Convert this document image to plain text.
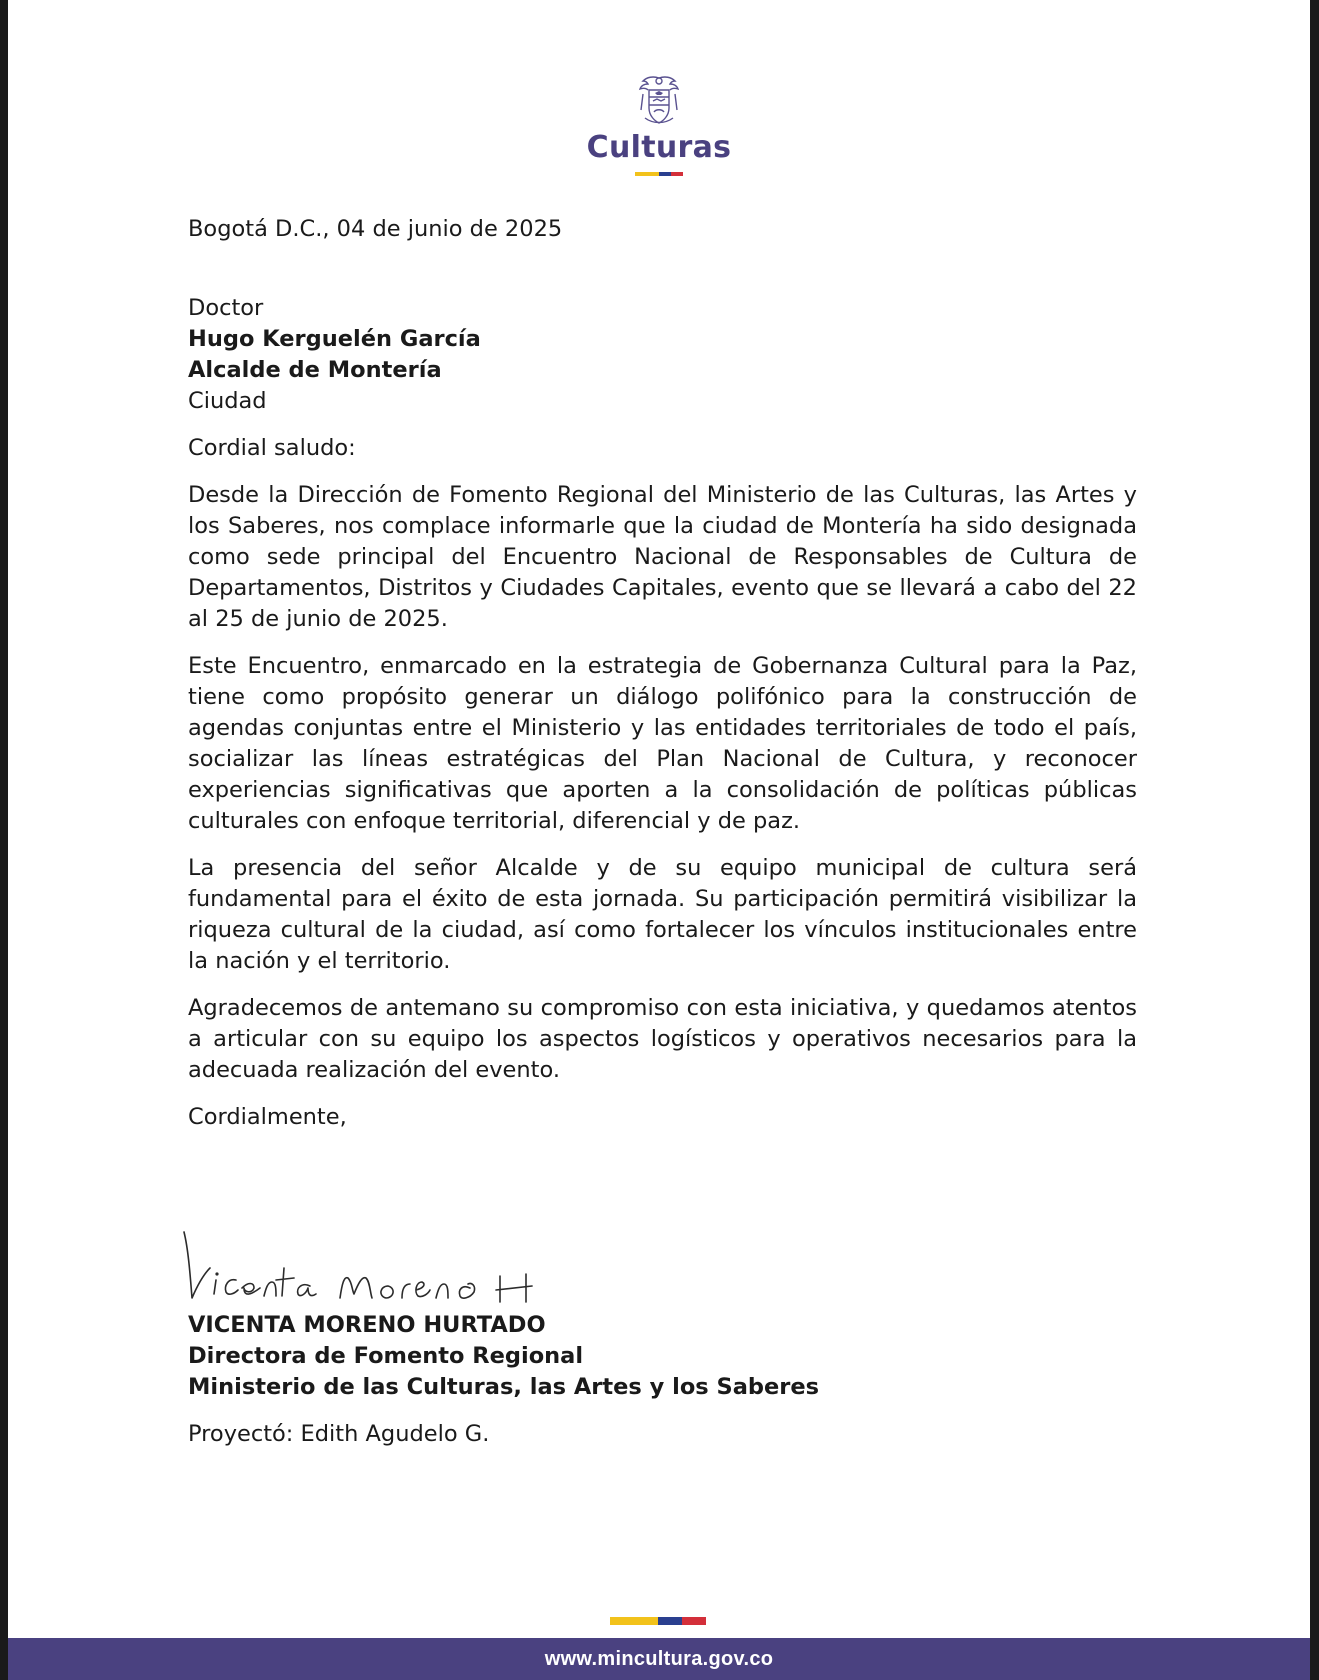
Culturas

Bogotá D.C., 04 de junio de 2025

Doctor

Hugo Kerguelén García

Alcalde de Montería

Ciudad

Cordial saludo:

Desde la Dirección de Fomento Regional del Ministerio de las Culturas, las Artes y los Saberes, nos complace informarle que la ciudad de Montería ha sido designada como sede principal del Encuentro Nacional de Responsables de Cultura de Departamentos, Distritos y Ciudades Capitales, evento que se llevará a cabo del 22 al 25 de junio de 2025.

Este Encuentro, enmarcado en la estrategia de Gobernanza Cultural para la Paz, tiene como propósito generar un diálogo polifónico para la construcción de agendas conjuntas entre el Ministerio y las entidades territoriales de todo el país, socializar las líneas estratégicas del Plan Nacional de Cultura, y reconocer experiencias significativas que aporten a la consolidación de políticas públicas culturales con enfoque territorial, diferencial y de paz.

La presencia del señor Alcalde y de su equipo municipal de cultura será fundamental para el éxito de esta jornada. Su participación permitirá visibilizar la riqueza cultural de la ciudad, así como fortalecer los vínculos institucionales entre la nación y el territorio.

Agradecemos de antemano su compromiso con esta iniciativa, y quedamos atentos a articular con su equipo los aspectos logísticos y operativos necesarios para la adecuada realización del evento.

Cordialmente,

VICENTA MORENO HURTADO

Directora de Fomento Regional

Ministerio de las Culturas, las Artes y los Saberes

Proyectó: Edith Agudelo G.

www.mincultura.gov.co
